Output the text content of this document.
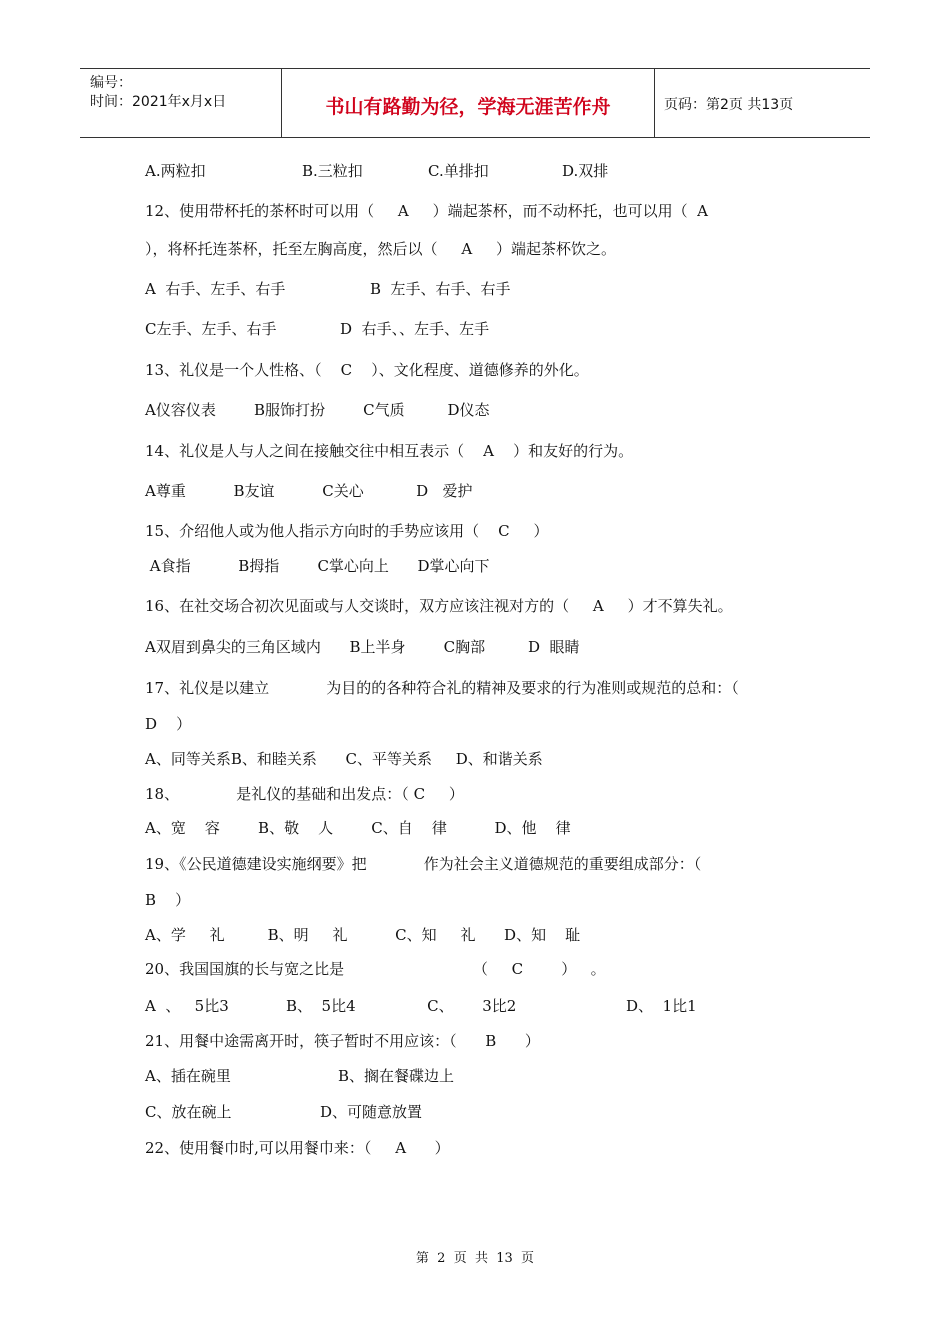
编号：
时间：2021年x月x日	书山有路勤为径，学海无涯苦作舟	页码：第2页 共13页
A.两粒扣	B.三粒扣	C.单排扣	D.双排
12、使用带杯托的茶杯时可以用（     A     ）端起茶杯，而不动杯托，也可以用（  A
），将杯托连茶杯，托至左胸高度，然后以（     A     ）端起茶杯饮之。
A  右手、左手、右手	B  左手、右手、右手
C左手、左手、右手	D  右手、、左手、左手
13、礼仪是一个人性格、（    C    ）、文化程度、道德修养的外化。
A仪容仪表        B服饰打扮        C气质         D仪态
14、礼仪是人与人之间在接触交往中相互表示（    A    ）和友好的行为。
A尊重          B友谊          C关心           D   爱护
15、介绍他人或为他人指示方向时的手势应该用（    C     ）
A食指          B拇指        C掌心向上      D掌心向下
16、在社交场合初次见面或与人交谈时，双方应该注视对方的（     A     ）才不算失礼。
A双眉到鼻尖的三角区域内      B上半身        C胸部         D  眼睛
17、礼仪是以建立            为目的的各种符合礼的精神及要求的行为准则或规范的总和：（
D    ）
A、同等关系B、和睦关系      C、平等关系     D、和谐关系
18、            是礼仪的基础和出发点：（ C     ）
A、宽    容        B、敬    人        C、自    律          D、他    律
19、《公民道德建设实施纲要》把            作为社会主义道德规范的重要组成部分：（
B    ）
A、学     礼         B、明     礼          C、知     礼      D、知    耻
20、我国国旗的长与宽之比是                           （     C        ）   。
A  、   5比3            B、  5比4               C、      3比2                       D、  1比1
21、用餐中途需离开时，筷子暂时不用应该：（      B      ）
A、插在碗里	B、搁在餐碟边上
C、放在碗上	D、可随意放置
22、使用餐巾时,可以用餐巾来：（     A      ）
第  2  页  共  13  页
